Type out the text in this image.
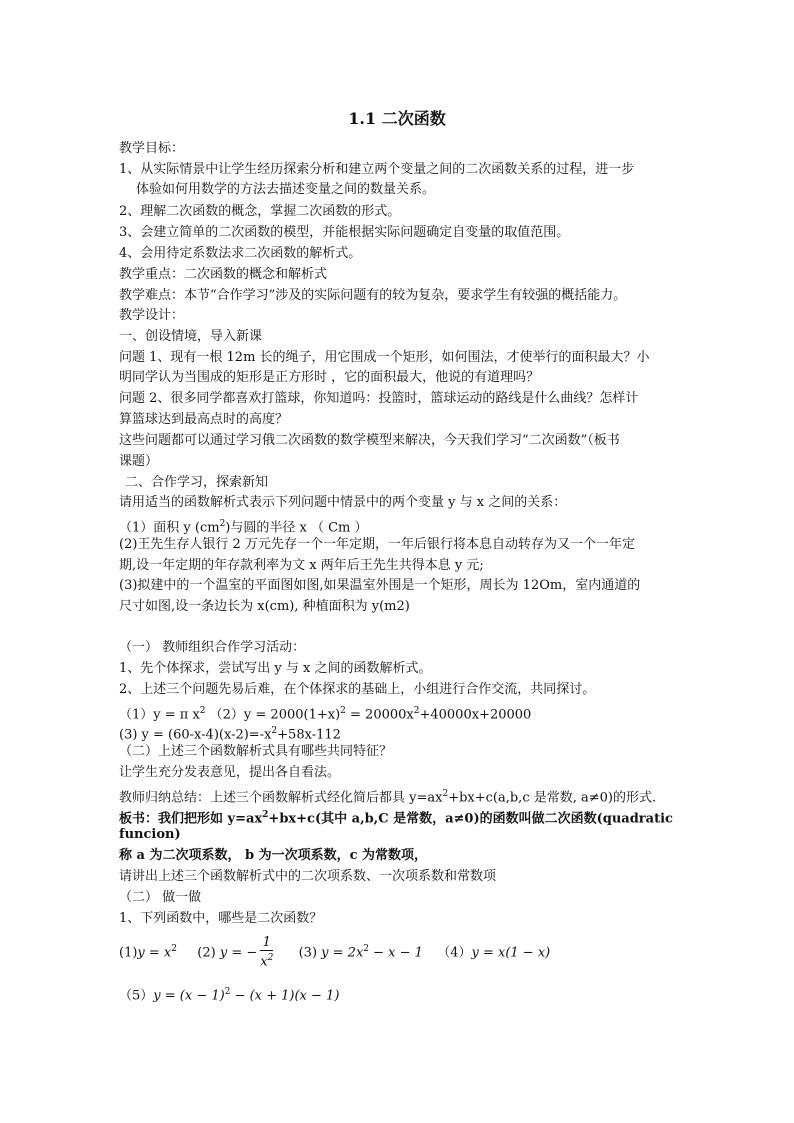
1.1 二次函数
教学目标：
1、从实际情景中让学生经历探索分析和建立两个变量之间的二次函数关系的过程，进一步
体验如何用数学的方法去描述变量之间的数量关系。
2、理解二次函数的概念，掌握二次函数的形式。
3、会建立简单的二次函数的模型，并能根据实际问题确定自变量的取值范围。
4、会用待定系数法求二次函数的解析式。
教学重点：二次函数的概念和解析式
教学难点：本节“合作学习”涉及的实际问题有的较为复杂，要求学生有较强的概括能力。
教学设计：
一、创设情境，导入新课
问题 1、现有一根 12m 长的绳子，用它围成一个矩形，如何围法，才使举行的面积最大？小
明同学认为当围成的矩形是正方形时 ，它的面积最大，他说的有道理吗？
问题 2、很多同学都喜欢打篮球，你知道吗：投篮时，篮球运动的路线是什么曲线？怎样计
算篮球达到最高点时的高度？
这些问题都可以通过学习俄二次函数的数学模型来解决，今天我们学习“二次函数”（板书
课题）
二、合作学习，探索新知
请用适当的函数解析式表示下列问题中情景中的两个变量 y 与 x 之间的关系：
（1）面积 y $(cm^2)$与圆的半径 x （ Cm ）
(2)王先生存人银行 2 万元先存一个一年定期，一年后银行将本息自动转存为又一个一年定
期,设一年定期的年存款利率为文 x 两年后王先生共得本息 y 元;
(3)拟建中的一个温室的平面图如图,如果温室外围是一个矩形，周长为 12Om，室内通道的
尺寸如图,设一条边长为 x(cm), 种植面积为 y(m2)
（一） 教师组织合作学习活动：
1、先个体探求，尝试写出 y 与 x 之间的函数解析式。
2、上述三个问题先易后难，在个体探求的基础上，小组进行合作交流，共同探讨。
（1）y = π $x^2$ $(2)y = 2000(1+x)^2 = 20000x^2+40000x+20000$
(3) $y = (60-x-4)(x-2)=-x^2+58x-112$
（二）上述三个函数解析式具有哪些共同特征？
让学生充分发表意见，提出各自看法。
教师归纳总结：上述三个函数解析式经化简后都具 $y=ax^2+bx+c(a,b,c$ 是常数, a≠0)的形式.
板书：我们把形如 $y=ax^2+bx+c$(其中 a,b,C 是常数，a≠0)的函数叫做二次函数(quadratic
funcion)
称 a 为二次项系数， b 为一次项系数，c 为常数项，
请讲出上述三个函数解析式中的二次项系数、一次项系数和常数项
（二） 做一做
1、下列函数中，哪些是二次函数？
$(1)y = x^2$ (2) y = − $\frac{1}{x^2} (3) y = 2x^2 - x - 1$ （4）y = x(1 − x)
$(5)y = (x - 1)^2 - (x + 1)(x - 1)$
